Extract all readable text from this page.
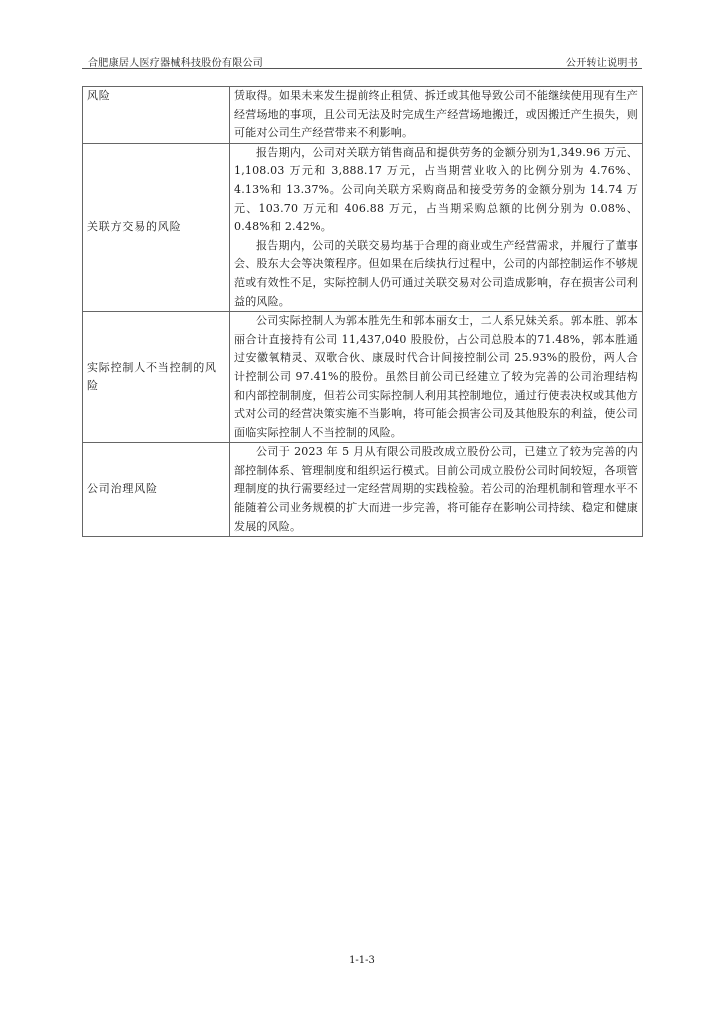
合肥康居人医疗器械科技股份有限公司	公开转让说明书
风险	赁取得。如果未来发生提前终止租赁、拆迁或其他导致公司不能继续使用现有生产经营场地的事项，且公司无法及时完成生产经营场地搬迁，或因搬迁产生损失，则可能对公司生产经营带来不利影响。

关联方交易的风险	报告期内，公司对关联方销售商品和提供劳务的金额分别为1,349.96 万元、1,108.03 万元和 3,888.17 万元，占当期营业收入的比例分别为 4.76%、4.13%和 13.37%。公司向关联方采购商品和接受劳务的金额分别为 14.74 万元、103.70 万元和 406.88 万元，占当期采购总额的比例分别为 0.08%、0.48%和 2.42%。

报告期内，公司的关联交易均基于合理的商业或生产经营需求，并履行了董事会、股东大会等决策程序。但如果在后续执行过程中，公司的内部控制运作不够规范或有效性不足，实际控制人仍可通过关联交易对公司造成影响，存在损害公司利益的风险。

实际控制人不当控制的风险	公司实际控制人为郭本胜先生和郭本丽女士，二人系兄妹关系。郭本胜、郭本丽合计直接持有公司 11,437,040 股股份，占公司总股本的71.48%，郭本胜通过安徽氧精灵、双歌合伙、康晟时代合计间接控制公司 25.93%的股份，两人合计控制公司 97.41%的股份。虽然目前公司已经建立了较为完善的公司治理结构和内部控制制度，但若公司实际控制人利用其控制地位，通过行使表决权或其他方式对公司的经营决策实施不当影响，将可能会损害公司及其他股东的利益，使公司面临实际控制人不当控制的风险。

公司治理风险	公司于 2023 年 5 月从有限公司股改成立股份公司，已建立了较为完善的内部控制体系、管理制度和组织运行模式。目前公司成立股份公司时间较短，各项管理制度的执行需要经过一定经营周期的实践检验。若公司的治理机制和管理水平不能随着公司业务规模的扩大而进一步完善，将可能存在影响公司持续、稳定和健康发展的风险。

1-1-3
